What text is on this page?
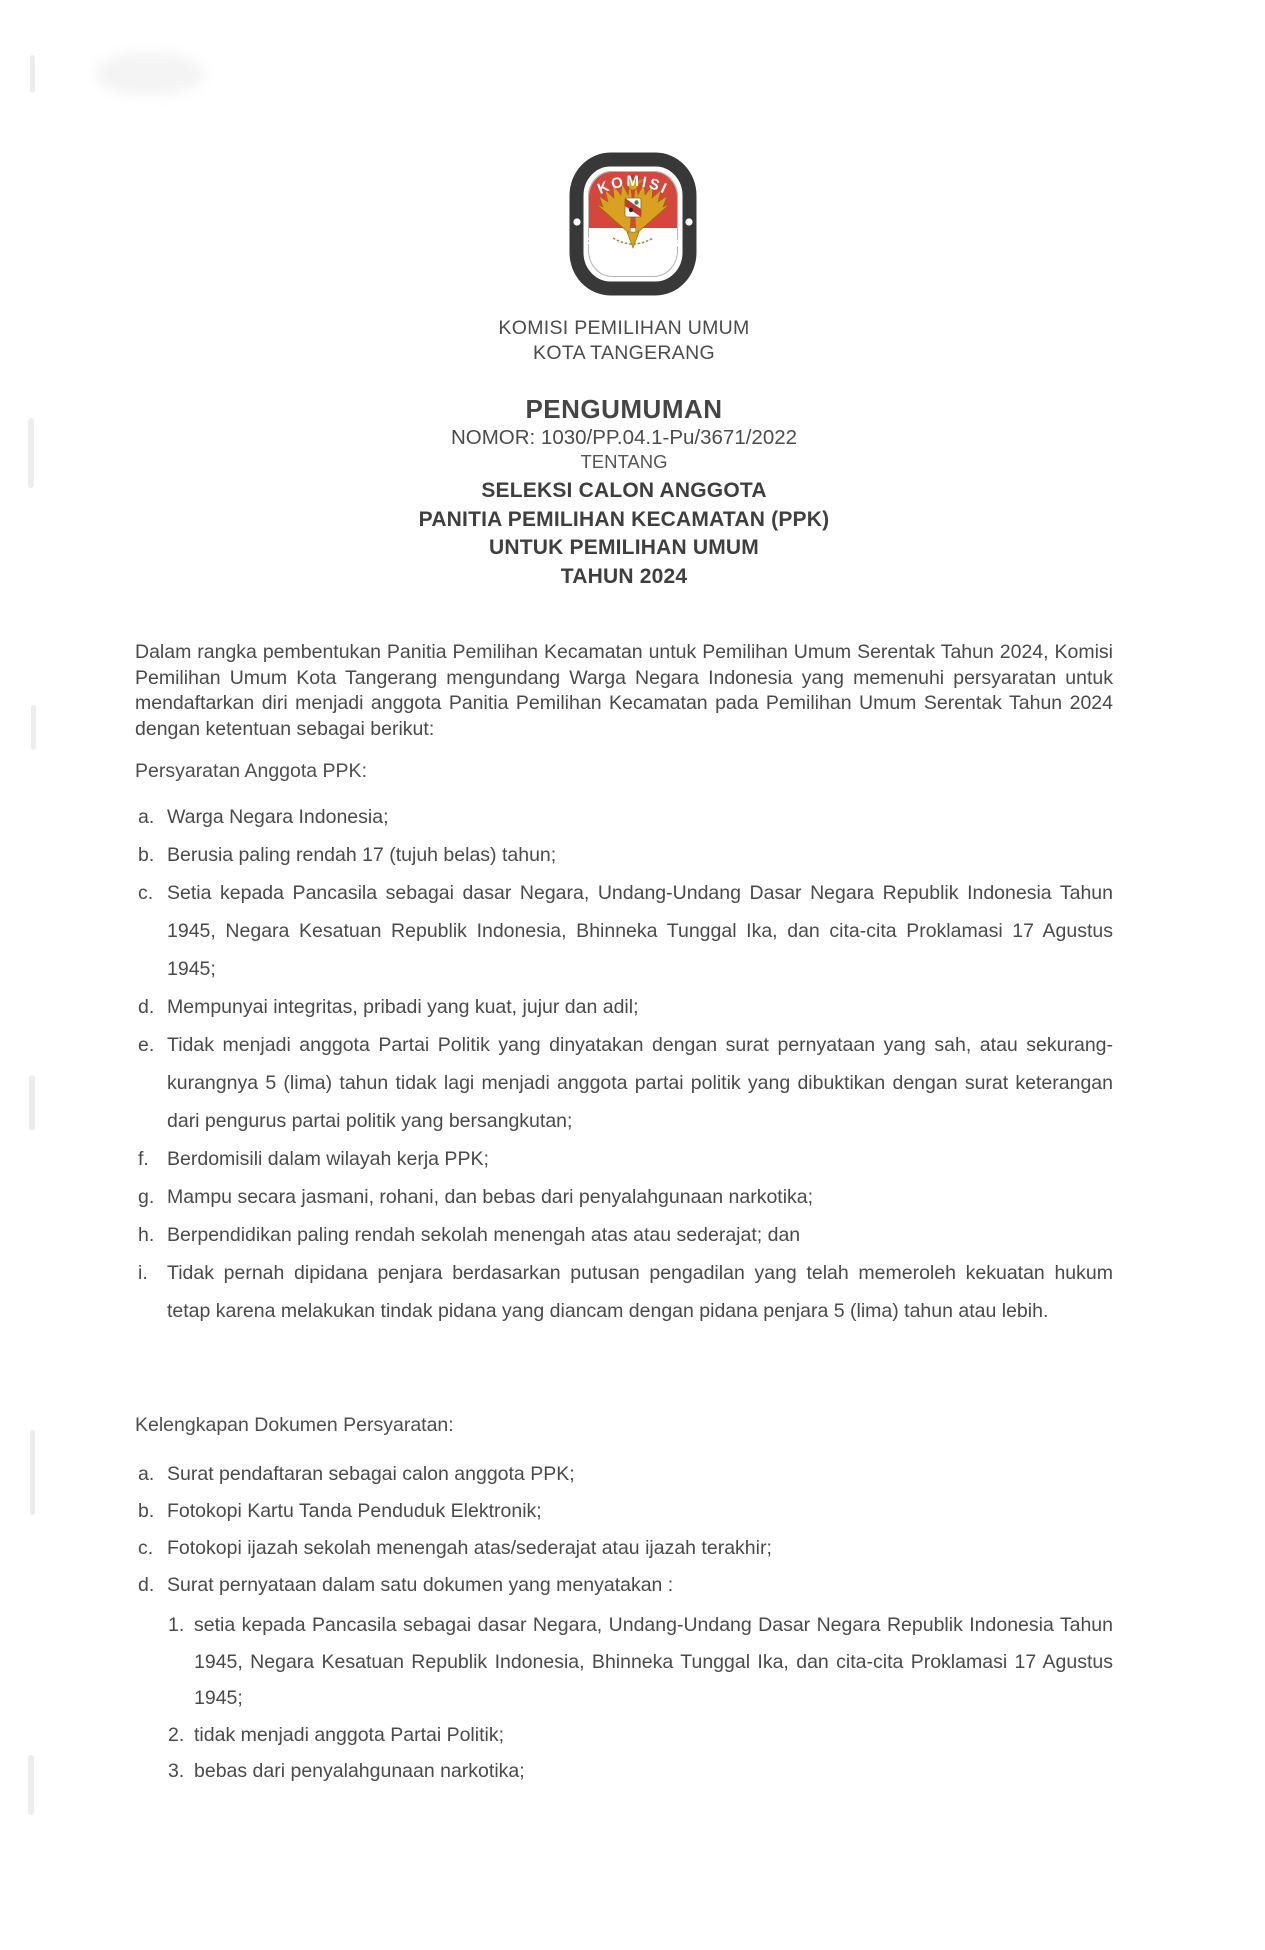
KOMISI
PEMILIHAN UMUM
KOMISI PEMILIHAN UMUM
KOTA TANGERANG
PENGUMUMAN
NOMOR: 1030/PP.04.1-Pu/3671/2022
TENTANG
SELEKSI CALON ANGGOTA
PANITIA PEMILIHAN KECAMATAN (PPK)
UNTUK PEMILIHAN UMUM
TAHUN 2024
Dalam rangka pembentukan Panitia Pemilihan Kecamatan untuk Pemilihan Umum Serentak Tahun 2024, Komisi Pemilihan Umum Kota Tangerang mengundang Warga Negara Indonesia yang memenuhi persyaratan untuk mendaftarkan diri menjadi anggota Panitia Pemilihan Kecamatan pada Pemilihan Umum Serentak Tahun 2024 dengan ketentuan sebagai berikut:
Persyaratan Anggota PPK:
a. Warga Negara Indonesia;
b. Berusia paling rendah 17 (tujuh belas) tahun;
c. Setia kepada Pancasila sebagai dasar Negara, Undang-Undang Dasar Negara Republik Indonesia Tahun 1945, Negara Kesatuan Republik Indonesia, Bhinneka Tunggal Ika, dan cita-cita Proklamasi 17 Agustus 1945;
d. Mempunyai integritas, pribadi yang kuat, jujur dan adil;
e. Tidak menjadi anggota Partai Politik yang dinyatakan dengan surat pernyataan yang sah, atau sekurang-kurangnya 5 (lima) tahun tidak lagi menjadi anggota partai politik yang dibuktikan dengan surat keterangan dari pengurus partai politik yang bersangkutan;
f. Berdomisili dalam wilayah kerja PPK;
g. Mampu secara jasmani, rohani, dan bebas dari penyalahgunaan narkotika;
h. Berpendidikan paling rendah sekolah menengah atas atau sederajat; dan
i. Tidak pernah dipidana penjara berdasarkan putusan pengadilan yang telah memeroleh kekuatan hukum tetap karena melakukan tindak pidana yang diancam dengan pidana penjara 5 (lima) tahun atau lebih.
Kelengkapan Dokumen Persyaratan:
a. Surat pendaftaran sebagai calon anggota PPK;
b. Fotokopi Kartu Tanda Penduduk Elektronik;
c. Fotokopi ijazah sekolah menengah atas/sederajat atau ijazah terakhir;
d. Surat pernyataan dalam satu dokumen yang menyatakan :
1. setia kepada Pancasila sebagai dasar Negara, Undang-Undang Dasar Negara Republik Indonesia Tahun 1945, Negara Kesatuan Republik Indonesia, Bhinneka Tunggal Ika, dan cita-cita Proklamasi 17 Agustus 1945;
2. tidak menjadi anggota Partai Politik;
3. bebas dari penyalahgunaan narkotika;
